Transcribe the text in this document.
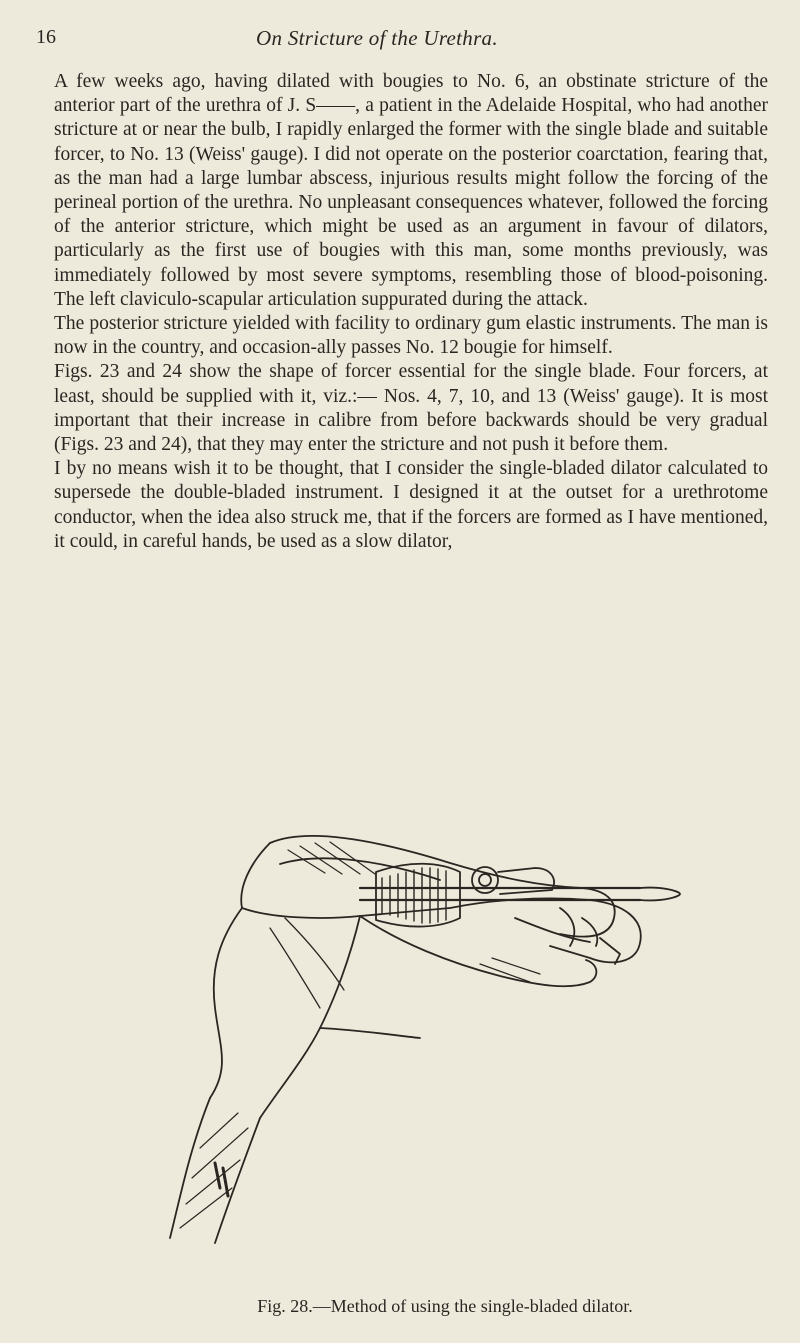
16	On Stricture of the Urethra.

A few weeks ago, having dilated with bougies to No. 6, an obstinate stricture of the anterior part of the urethra of J. S——, a patient in the Adelaide Hospital, who had another stricture at or near the bulb, I rapidly enlarged the former with the single blade and suitable forcer, to No. 13 (Weiss' gauge). I did not operate on the posterior coarctation, fearing that, as the man had a large lumbar abscess, injurious results might follow the forcing of the perineal portion of the urethra. No unpleasant consequences whatever, followed the forcing of the anterior stricture, which might be used as an argument in favour of dilators, particularly as the first use of bougies with this man, some months previously, was immediately followed by most severe symptoms, resembling those of blood-poisoning. The left claviculo-scapular articulation suppurated during the attack.

The posterior stricture yielded with facility to ordinary gum elastic instruments. The man is now in the country, and occasion-ally passes No. 12 bougie for himself.

Figs. 23 and 24 show the shape of forcer essential for the single blade. Four forcers, at least, should be supplied with it, viz.:— Nos. 4, 7, 10, and 13 (Weiss' gauge). It is most important that their increase in calibre from before backwards should be very gradual (Figs. 23 and 24), that they may enter the stricture and not push it before them.

I by no means wish it to be thought, that I consider the single-bladed dilator calculated to supersede the double-bladed instrument. I designed it at the outset for a urethrotome conductor, when the idea also struck me, that if the forcers are formed as I have mentioned, it could, in careful hands, be used as a slow dilator,

Fig. 28.—Method of using the single-bladed dilator.
